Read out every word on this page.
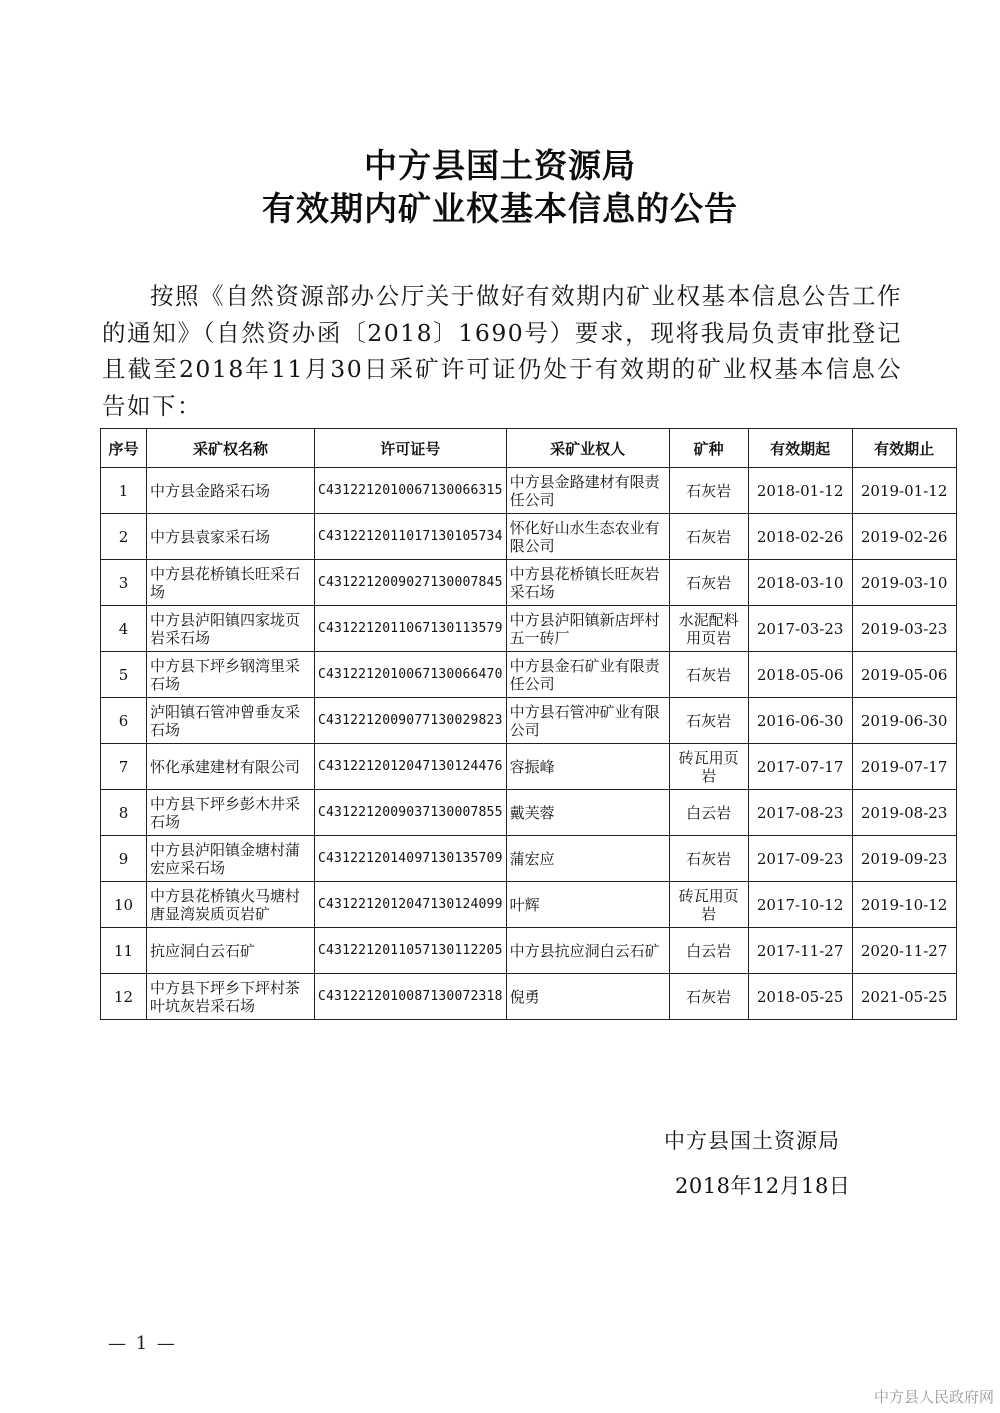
中方县国土资源局
有效期内矿业权基本信息的公告

按照《自然资源部办公厅关于做好有效期内矿业权基本信息公告工作的通知》（自然资办函〔2018〕1690号）要求，现将我局负责审批登记且截至2018年11月30日采矿许可证仍处于有效期的矿业权基本信息公告如下：

序号	采矿权名称	许可证号	采矿业权人	矿种	有效期起	有效期止
1	中方县金路采石场	C4312212010067130066315	中方县金路建材有限责任公司	石灰岩	2018-01-12	2019-01-12
2	中方县袁家采石场	C4312212011017130105734	怀化好山水生态农业有限公司	石灰岩	2018-02-26	2019-02-26
3	中方县花桥镇长旺采石场	C4312212009027130007845	中方县花桥镇长旺灰岩采石场	石灰岩	2018-03-10	2019-03-10
4	中方县泸阳镇四家垅页岩采石场	C4312212011067130113579	中方县泸阳镇新店坪村五一砖厂	水泥配料用页岩	2017-03-23	2019-03-23
5	中方县下坪乡钢湾里采石场	C4312212010067130066470	中方县金石矿业有限责任公司	石灰岩	2018-05-06	2019-05-06
6	泸阳镇石管冲曾垂友采石场	C4312212009077130029823	中方县石管冲矿业有限公司	石灰岩	2016-06-30	2019-06-30
7	怀化承建建材有限公司	C4312212012047130124476	容振峰	砖瓦用页岩	2017-07-17	2019-07-17
8	中方县下坪乡彭木井采石场	C4312212009037130007855	戴芙蓉	白云岩	2017-08-23	2019-08-23
9	中方县泸阳镇金塘村蒲宏应采石场	C4312212014097130135709	蒲宏应	石灰岩	2017-09-23	2019-09-23
10	中方县花桥镇火马塘村唐显湾炭质页岩矿	C4312212012047130124099	叶辉	砖瓦用页岩	2017-10-12	2019-10-12
11	抗应洞白云石矿	C4312212011057130112205	中方县抗应洞白云石矿	白云岩	2017-11-27	2020-11-27
12	中方县下坪乡下坪村茶叶坑灰岩采石场	C4312212010087130072318	倪勇	石灰岩	2018-05-25	2021-05-25
中方县国土资源局
2018年12月18日
— 1 —
中方县人民政府网
